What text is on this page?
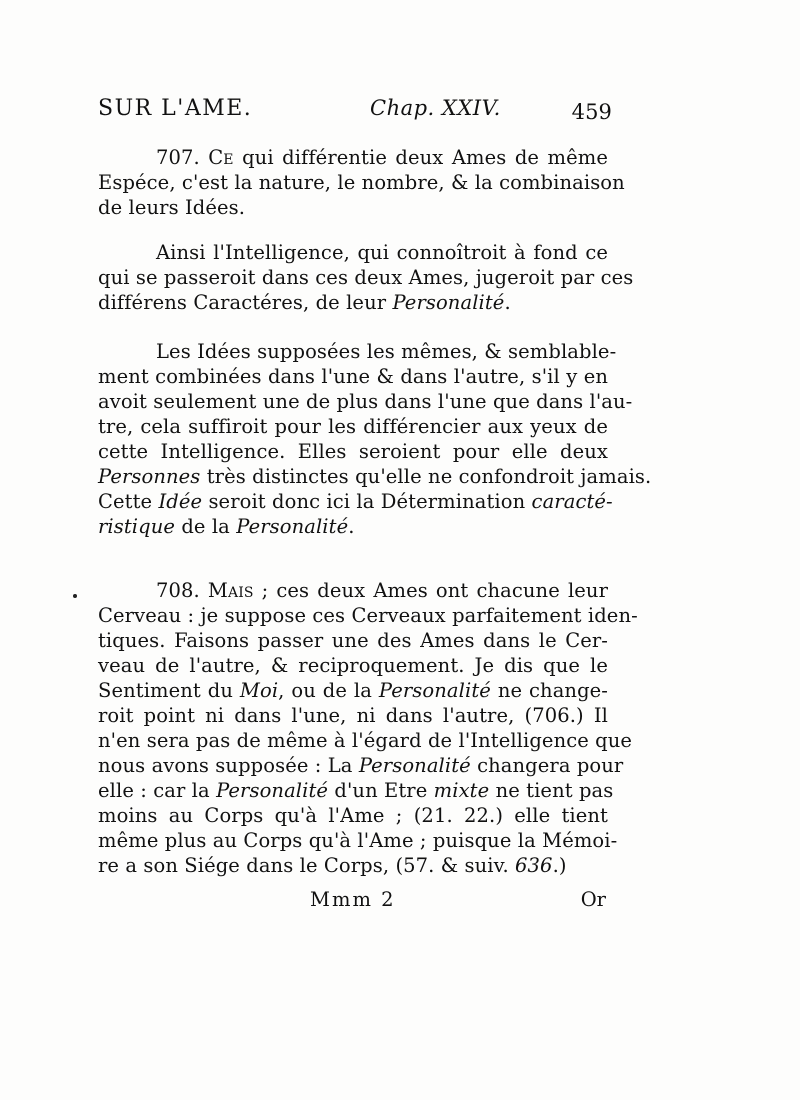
SUR L'AME.	Chap. XXIV.	459
707. Ce qui différentie deux Ames de même
Espéce, c'est la nature, le nombre, & la combinaison
de leurs Idées.
Ainsi l'Intelligence, qui connoîtroit à fond ce
qui se passeroit dans ces deux Ames, jugeroit par ces
différens Caractéres, de leur Personalité.
Les Idées supposées les mêmes, & semblable-
ment combinées dans l'une & dans l'autre, s'il y en
avoit seulement une de plus dans l'une que dans l'au-
tre, cela suffiroit pour les différencier aux yeux de
cette Intelligence. Elles seroient pour elle deux
Personnes très distinctes qu'elle ne confondroit jamais.
Cette Idée seroit donc ici la Détermination caracté-
ristique de la Personalité.
708. Mais ; ces deux Ames ont chacune leur
Cerveau : je suppose ces Cerveaux parfaitement iden-
tiques. Faisons passer une des Ames dans le Cer-
veau de l'autre, & reciproquement. Je dis que le
Sentiment du Moi, ou de la Personalité ne change-
roit point ni dans l'une, ni dans l'autre, (706.) Il
n'en sera pas de même à l'égard de l'Intelligence que
nous avons supposée : La Personalité changera pour
elle : car la Personalité d'un Etre mixte ne tient pas
moins au Corps qu'à l'Ame ; (21. 22.) elle tient
même plus au Corps qu'à l'Ame ; puisque la Mémoi-
re a son Siége dans le Corps, (57. & suiv. 636.)
Mmm 2	Or
